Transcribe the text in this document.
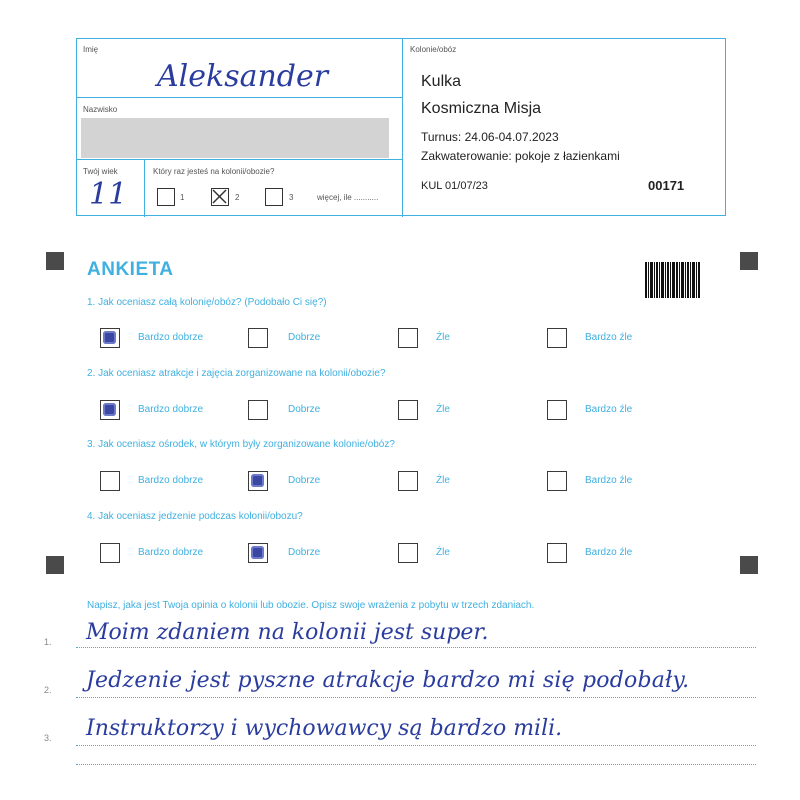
Imię
Aleksander
Nazwisko
Twój wiek
11
Który raz jesteś na kolonii/obozie?
1	2	3	więcej, ile ...........
Kolonie/obóz
Kulka
Kosmiczna Misja
Turnus: 24.06-04.07.2023
Zakwaterowanie: pokoje z łazienkami
KUL 01/07/23	00171
ANKIETA
1. Jak oceniasz całą kolonię/obóz? (Podobało Ci się?)
Bardzo dobrze	Dobrze	Źle	Bardzo źle
2. Jak oceniasz atrakcje i zajęcia zorganizowane na kolonii/obozie?
Bardzo dobrze	Dobrze	Źle	Bardzo źle
3. Jak oceniasz ośrodek, w którym były zorganizowane kolonie/obóz?
Bardzo dobrze	Dobrze	Źle	Bardzo źle
4. Jak oceniasz jedzenie podczas kolonii/obozu?
Bardzo dobrze	Dobrze	Źle	Bardzo źle
Napisz, jaka jest Twoja opinia o kolonii lub obozie. Opisz swoje wrażenia z pobytu w trzech zdaniach.
1. Moim zdaniem na kolonii jest super.
2. Jedzenie jest pyszne atrakcje bardzo mi się podobały.
3. Instruktorzy i wychowawcy są bardzo mili.
